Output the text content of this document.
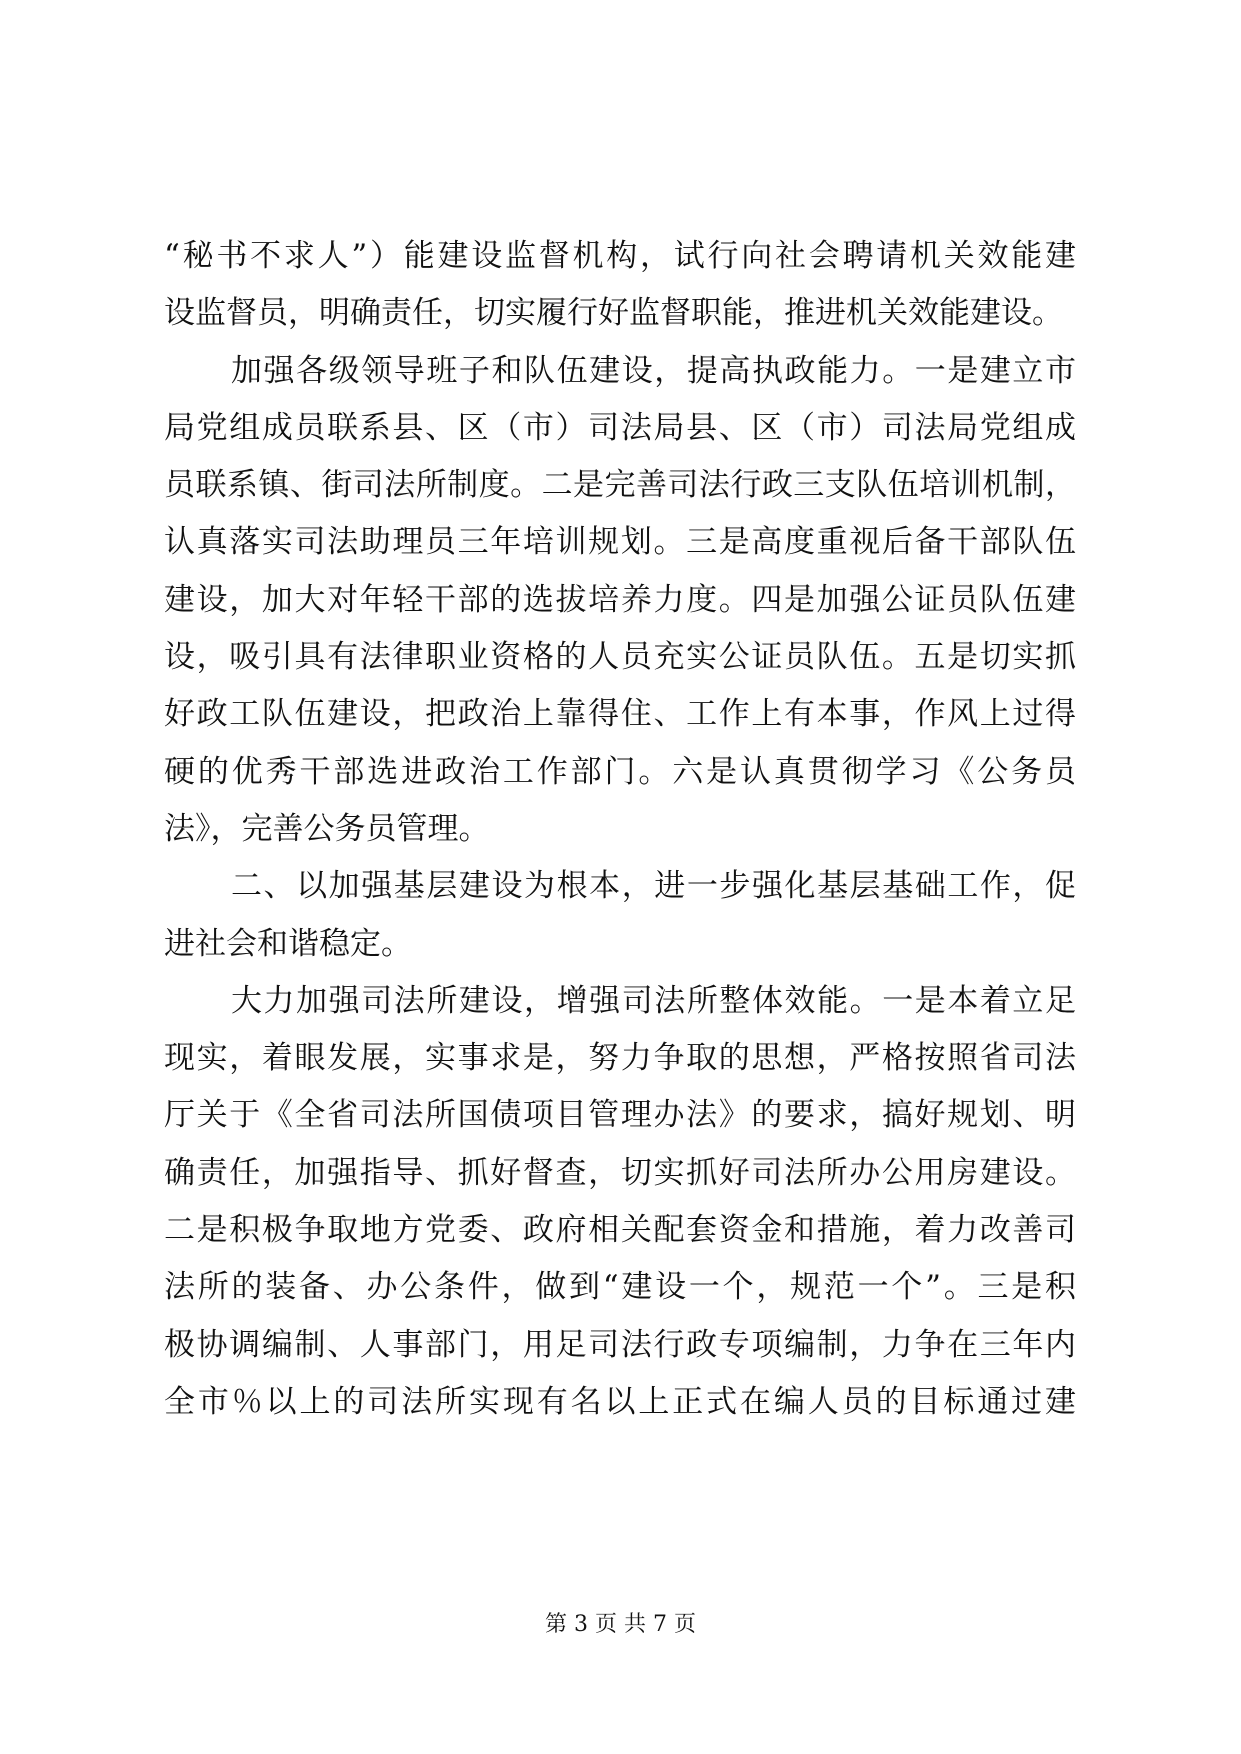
“秘书不求人”）能建设监督机构，试行向社会聘请机关效能建
设监督员，明确责任，切实履行好监督职能，推进机关效能建设。
加强各级领导班子和队伍建设，提高执政能力。一是建立市
局党组成员联系县、区（市）司法局县、区（市）司法局党组成
员联系镇、街司法所制度。二是完善司法行政三支队伍培训机制，
认真落实司法助理员三年培训规划。三是高度重视后备干部队伍
建设，加大对年轻干部的选拔培养力度。四是加强公证员队伍建
设，吸引具有法律职业资格的人员充实公证员队伍。五是切实抓
好政工队伍建设，把政治上靠得住、工作上有本事，作风上过得
硬的优秀干部选进政治工作部门。六是认真贯彻学习《公务员
法》，完善公务员管理。
二、以加强基层建设为根本，进一步强化基层基础工作，促
进社会和谐稳定。
大力加强司法所建设，增强司法所整体效能。一是本着立足
现实，着眼发展，实事求是，努力争取的思想，严格按照省司法
厅关于《全省司法所国债项目管理办法》的要求，搞好规划、明
确责任，加强指导、抓好督查，切实抓好司法所办公用房建设。
二是积极争取地方党委、政府相关配套资金和措施，着力改善司
法所的装备、办公条件，做到“建设一个，规范一个”。三是积
极协调编制、人事部门，用足司法行政专项编制，力争在三年内
全市％以上的司法所实现有名以上正式在编人员的目标通过建
第 3 页 共 7 页
